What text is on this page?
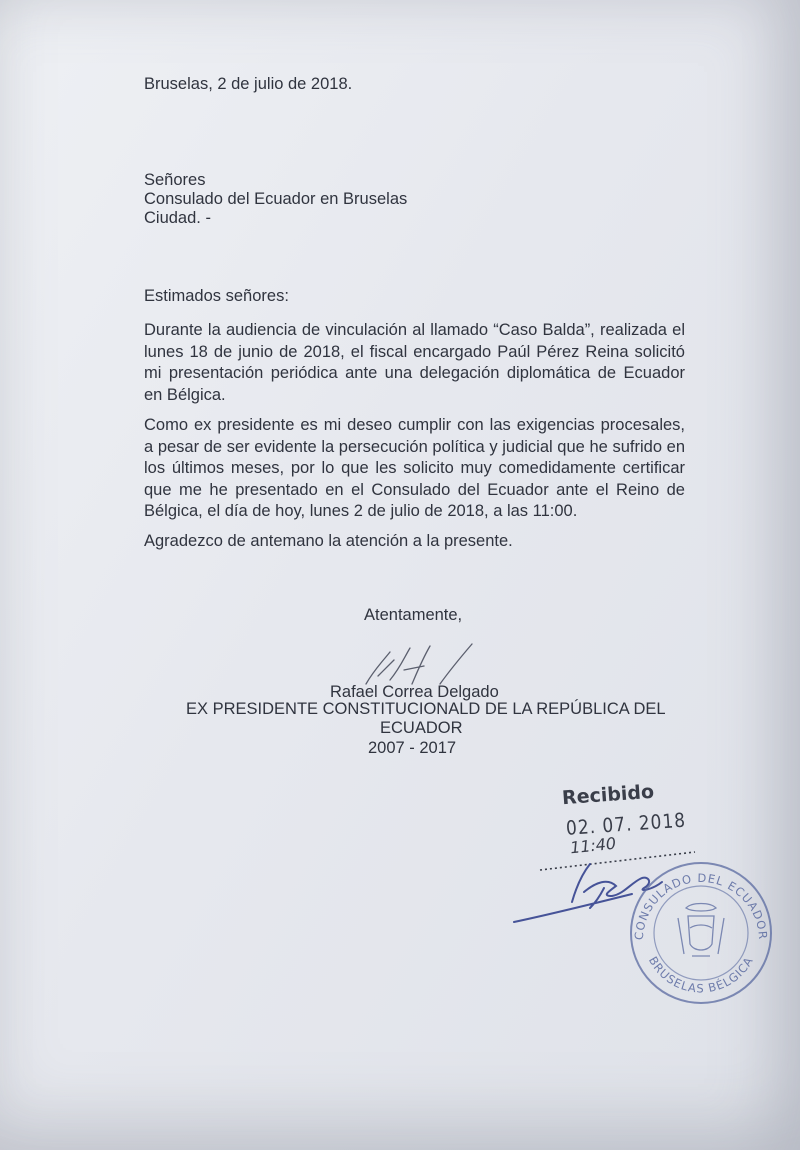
Bruselas, 2 de julio de 2018.
Señores
Consulado del Ecuador en Bruselas
Ciudad. -
Estimados señores:
Durante la audiencia de vinculación al llamado “Caso Balda”, realizada el lunes 18 de junio de 2018, el fiscal encargado Paúl Pérez Reina solicitó mi presentación periódica ante una delegación diplomática de Ecuador en Bélgica.
Como ex presidente es mi deseo cumplir con las exigencias procesales, a pesar de ser evidente la persecución política y judicial que he sufrido en los últimos meses, por lo que les solicito muy comedidamente certificar que me he presentado en el Consulado del Ecuador ante el Reino de Bélgica, el día de hoy, lunes 2 de julio de 2018, a las 11:00.
Agradezco de antemano la atención a la presente.
Atentamente,
Rafael Correa Delgado
EX PRESIDENTE CONSTITUCIONALD DE LA REPÚBLICA DEL
ECUADOR
2007 - 2017
Recibido
02. 07. 2018
11:40
CONSULADO DEL ECUADOR
BRUSELAS BÉLGICA
